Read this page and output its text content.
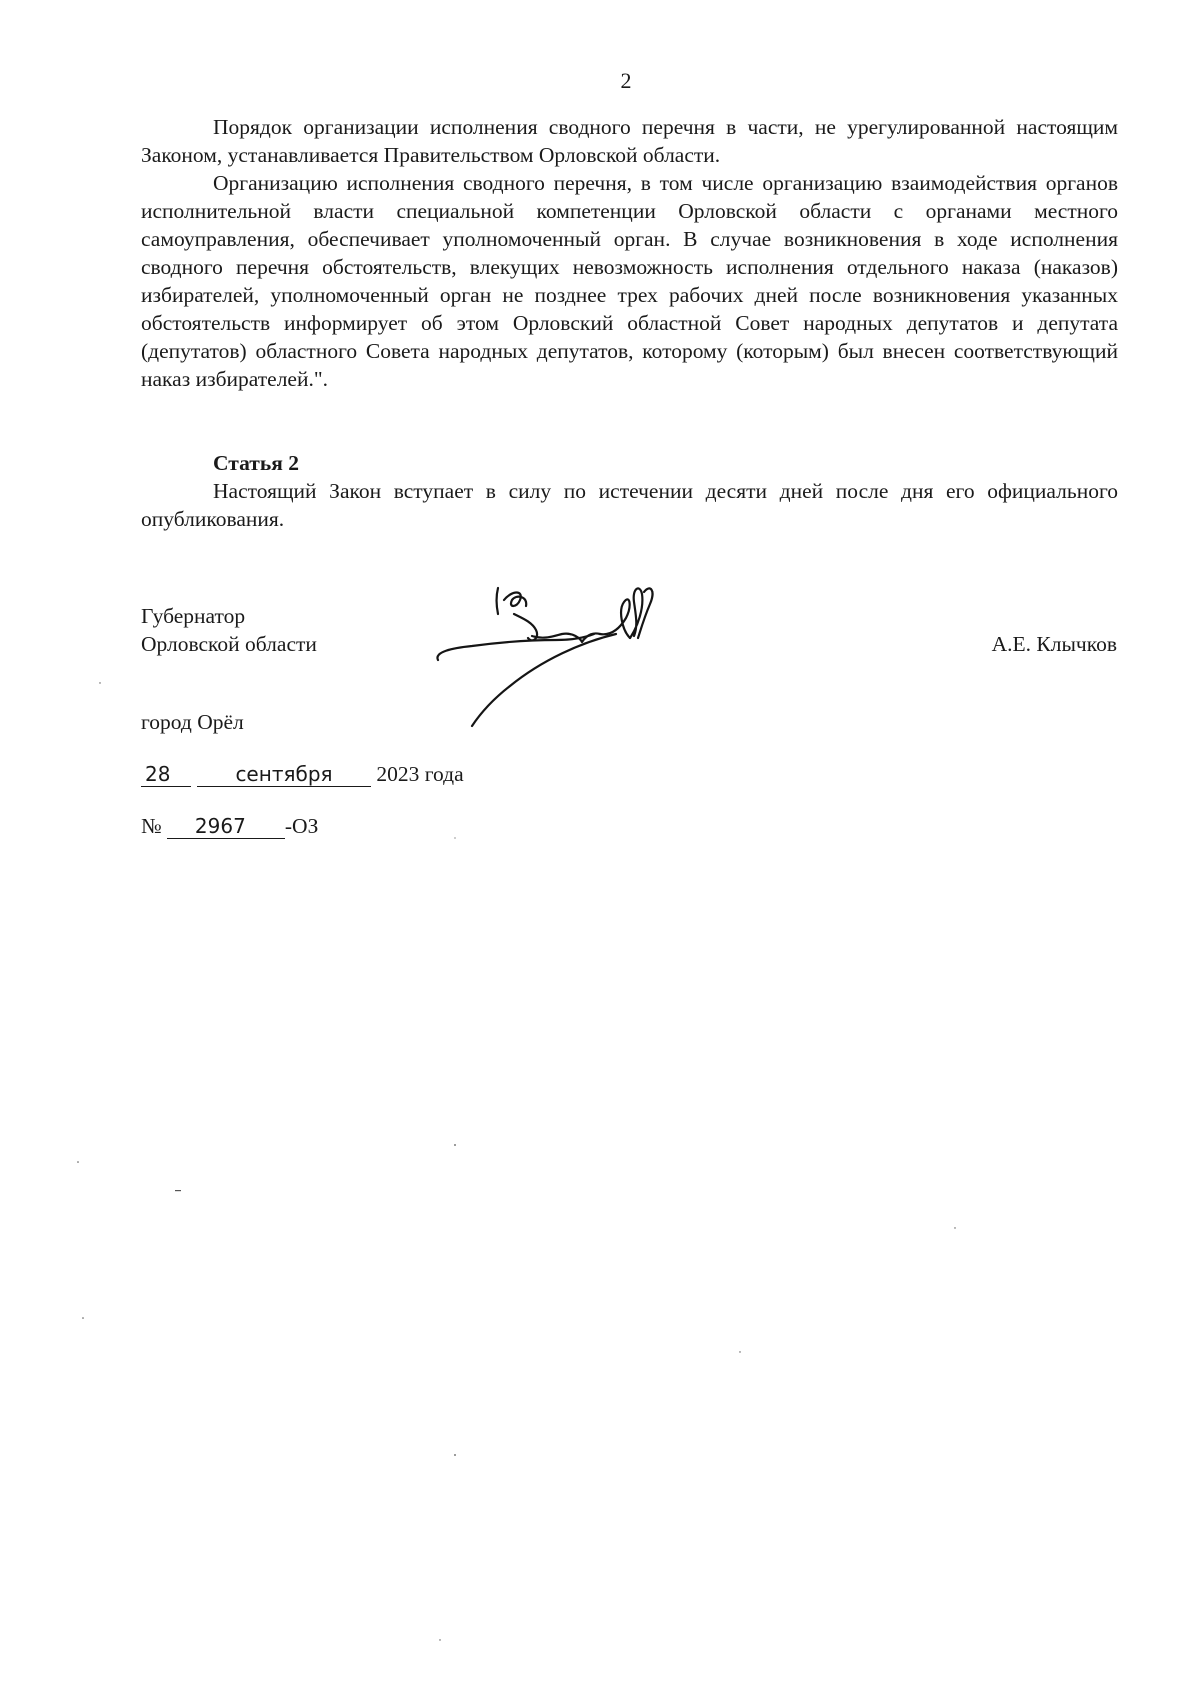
2

Порядок организации исполнения сводного перечня в части, не урегулированной настоящим Законом, устанавливается Правительством Орловской области.

Организацию исполнения сводного перечня, в том числе организацию взаимодействия органов исполнительной власти специальной компетенции Орловской области с органами местного самоуправления, обеспечивает уполномоченный орган. В случае возникновения в ходе исполнения сводного перечня обстоятельств, влекущих невозможность исполнения отдельного наказа (наказов) избирателей, уполномоченный орган не позднее трех рабочих дней после возникновения указанных обстоятельств информирует об этом Орловский областной Совет народных депутатов и депутата (депутатов) областного Совета народных депутатов, которому (которым) был внесен соответствующий наказ избирателей.".

Статья 2

Настоящий Закон вступает в силу по истечении десяти дней после дня его официального опубликования.

Губернатор
Орловской области	А.Е. Клычков
город Орёл
28	сентября 2023 года
№ 2967 -ОЗ
